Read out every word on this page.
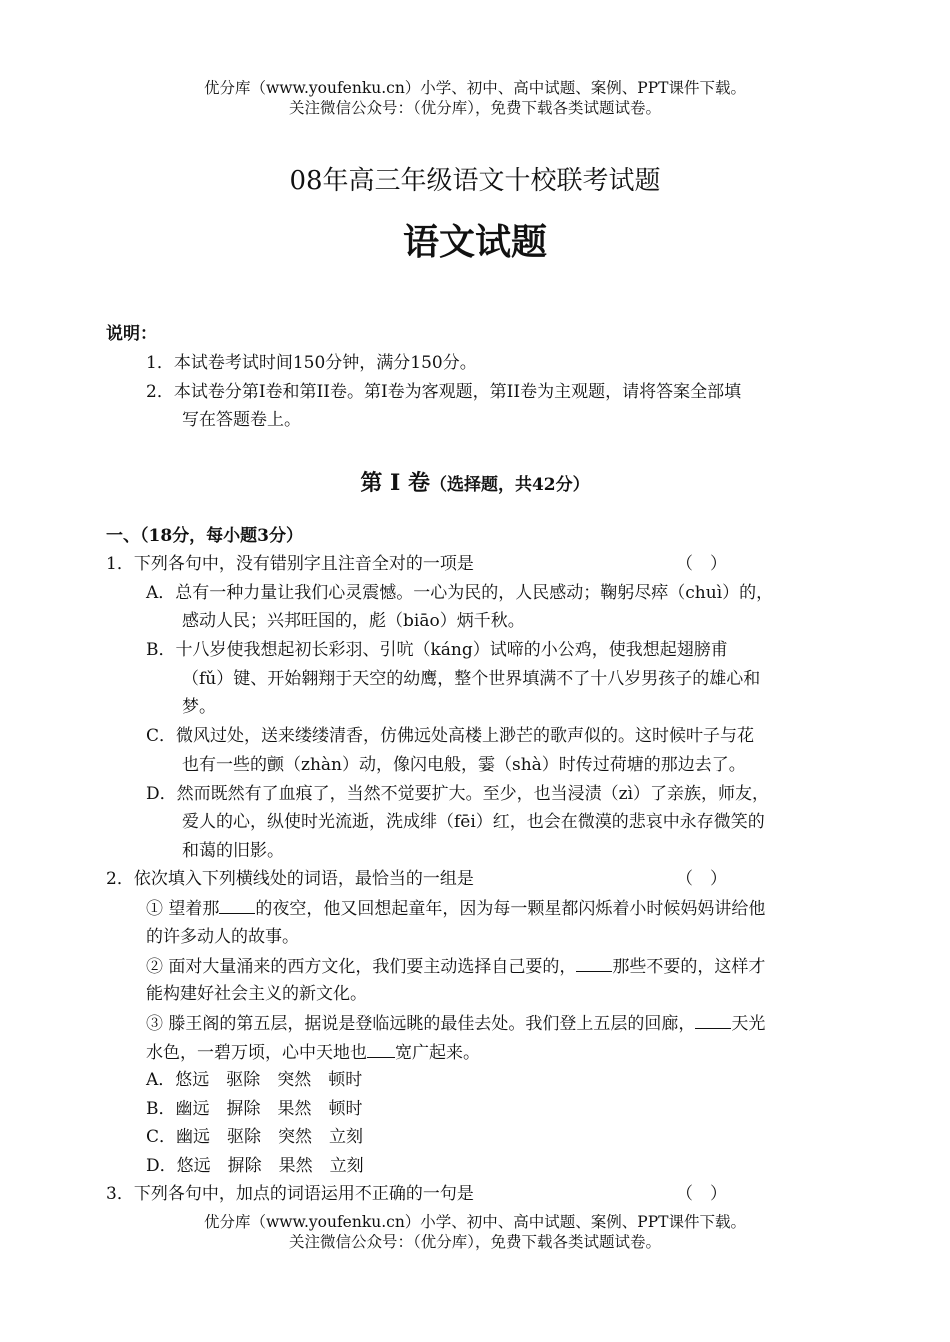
优分库（www.youfenku.cn）小学、初中、高中试题、案例、PPT课件下载。
关注微信公众号：（优分库），免费下载各类试题试卷。
08年高三年级语文十校联考试题
语文试题
说明：
1．本试卷考试时间150分钟，满分150分。
2．本试卷分第I卷和第II卷。第I卷为客观题，第II卷为主观题，请将答案全部填
写在答题卷上。
第 I 卷（选择题，共42分）
一、（18分，每小题3分）
1．下列各句中，没有错别字且注音全对的一项是	（　）
A．总有一种力量让我们心灵震憾。一心为民的，人民感动；鞠躬尽瘁（chuì）的，
感动人民；兴邦旺国的，彪（biāo）炳千秋。
B．十八岁使我想起初长彩羽、引吭（káng）试啼的小公鸡，使我想起翅膀甫
（fǔ）键、开始翱翔于天空的幼鹰，整个世界填满不了十八岁男孩子的雄心和
梦。
C．微风过处，送来缕缕清香，仿佛远处高楼上渺芒的歌声似的。这时候叶子与花
也有一些的颤（zhàn）动，像闪电般，霎（shà）时传过荷塘的那边去了。
D．然而既然有了血痕了，当然不觉要扩大。至少，也当浸渍（zì）了亲族，师友，
爱人的心，纵使时光流逝，洗成绯（fēi）红，也会在微漠的悲哀中永存微笑的
和蔼的旧影。
2．依次填入下列横线处的词语，最恰当的一组是	（　）
① 望着那 的夜空，他又回想起童年，因为每一颗星都闪烁着小时候妈妈讲给他
的许多动人的故事。
② 面对大量涌来的西方文化，我们要主动选择自己要的， 那些不要的，这样才
能构建好社会主义的新文化。
③ 滕王阁的第五层，据说是登临远眺的最佳去处。我们登上五层的回廊， 天光
水色，一碧万顷，心中天地也 宽广起来。
A．悠远　驱除　突然　顿时
B．幽远　摒除　果然　顿时
C．幽远　驱除　突然　立刻
D．悠远　摒除　果然　立刻
3．下列各句中，加点的词语运用不正确的一句是	（　）
优分库（www.youfenku.cn）小学、初中、高中试题、案例、PPT课件下载。
关注微信公众号：（优分库），免费下载各类试题试卷。
